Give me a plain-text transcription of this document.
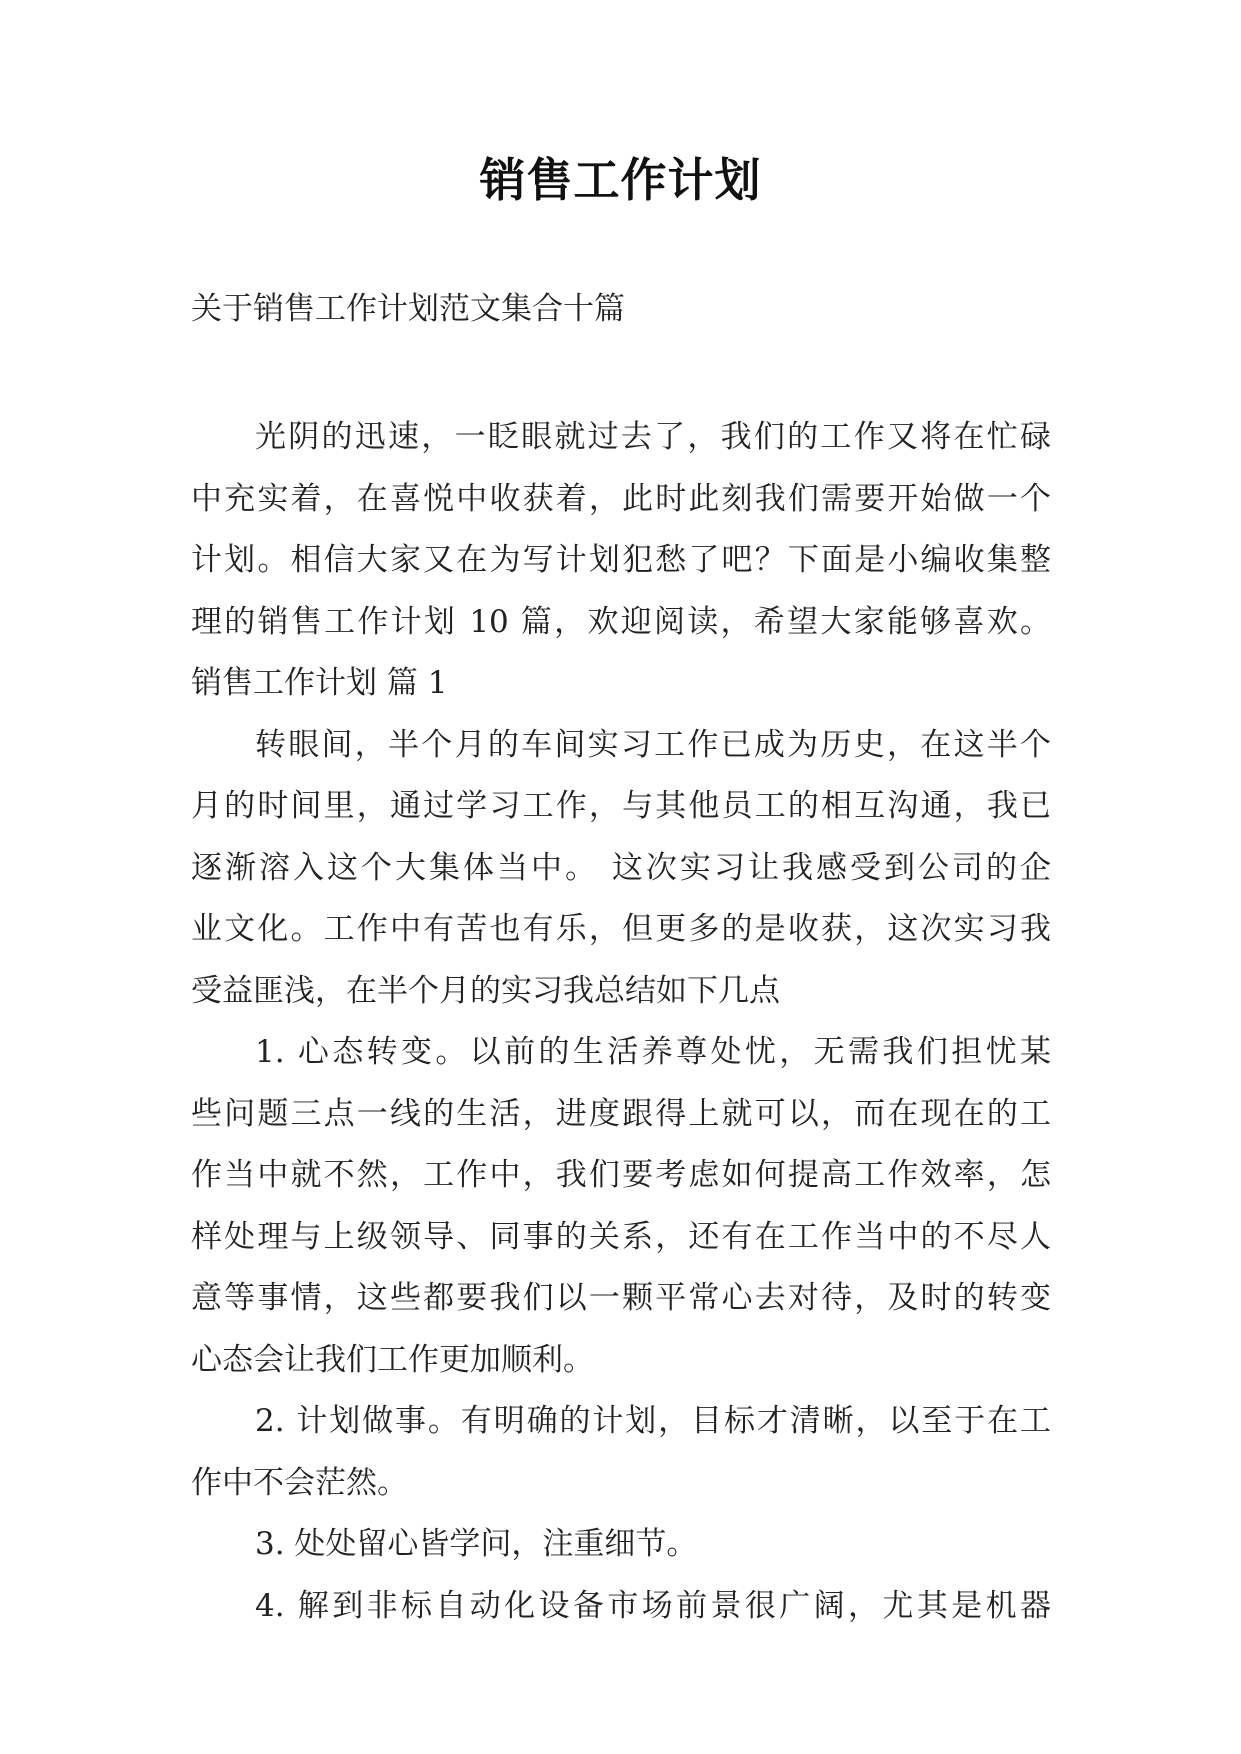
销售工作计划
关于销售工作计划范文集合十篇
光阴的迅速，一眨眼就过去了，我们的工作又将在忙碌
中充实着，在喜悦中收获着，此时此刻我们需要开始做一个
计划。相信大家又在为写计划犯愁了吧？下面是小编收集整
理的销售工作计划 10 篇，欢迎阅读，希望大家能够喜欢。
销售工作计划 篇 1
转眼间，半个月的车间实习工作已成为历史，在这半个
月的时间里，通过学习工作，与其他员工的相互沟通，我已
逐渐溶入这个大集体当中。 这次实习让我感受到公司的企
业文化。工作中有苦也有乐，但更多的是收获，这次实习我
受益匪浅，在半个月的实习我总结如下几点
1. 心态转变。以前的生活养尊处忧，无需我们担忧某
些问题三点一线的生活，进度跟得上就可以，而在现在的工
作当中就不然，工作中，我们要考虑如何提高工作效率，怎
样处理与上级领导、同事的关系，还有在工作当中的不尽人
意等事情，这些都要我们以一颗平常心去对待，及时的转变
心态会让我们工作更加顺利。
2. 计划做事。有明确的计划，目标才清晰，以至于在工
作中不会茫然。
3. 处处留心皆学问，注重细节。
4. 解到非标自动化设备市场前景很广阔，尤其是机器
